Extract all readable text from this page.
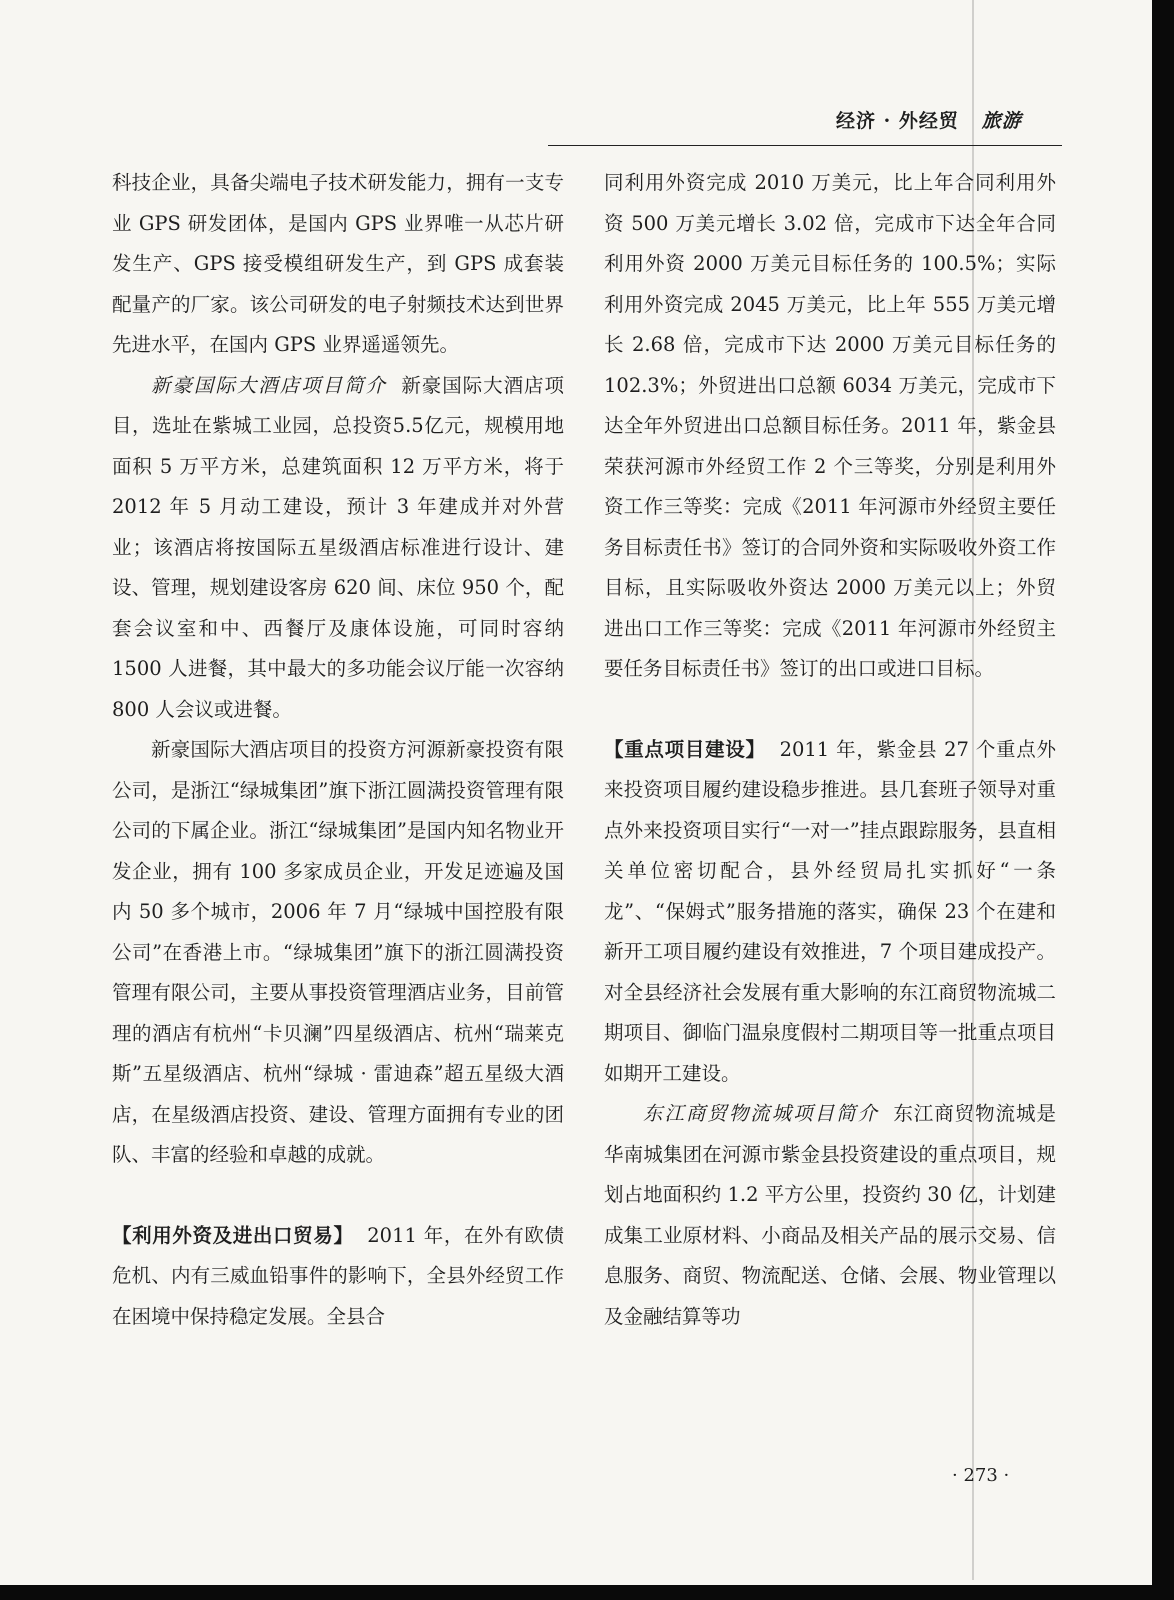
经济 · 外经贸 旅游

科技企业，具备尖端电子技术研发能力，拥有一支专业 GPS 研发团体，是国内 GPS 业界唯一从芯片研发生产、GPS 接受模组研发生产，到 GPS 成套装配量产的厂家。该公司研发的电子射频技术达到世界先进水平，在国内 GPS 业界遥遥领先。

新豪国际大酒店项目简介 新豪国际大酒店项目，选址在紫城工业园，总投资5.5亿元，规模用地面积 5 万平方米，总建筑面积 12 万平方米，将于 2012 年 5 月动工建设，预计 3 年建成并对外营业；该酒店将按国际五星级酒店标准进行设计、建设、管理，规划建设客房 620 间、床位 950 个，配套会议室和中、西餐厅及康体设施，可同时容纳 1500 人进餐，其中最大的多功能会议厅能一次容纳 800 人会议或进餐。

新豪国际大酒店项目的投资方河源新豪投资有限公司，是浙江“绿城集团”旗下浙江圆满投资管理有限公司的下属企业。浙江“绿城集团”是国内知名物业开发企业，拥有 100 多家成员企业，开发足迹遍及国内 50 多个城市，2006 年 7 月“绿城中国控股有限公司”在香港上市。“绿城集团”旗下的浙江圆满投资管理有限公司，主要从事投资管理酒店业务，目前管理的酒店有杭州“卡贝澜”四星级酒店、杭州“瑞莱克斯”五星级酒店、杭州“绿城 · 雷迪森”超五星级大酒店，在星级酒店投资、建设、管理方面拥有专业的团队、丰富的经验和卓越的成就。

【利用外资及进出口贸易】 2011 年，在外有欧债危机、内有三威血铅事件的影响下，全县外经贸工作在困境中保持稳定发展。全县合

同利用外资完成 2010 万美元，比上年合同利用外资 500 万美元增长 3.02 倍，完成市下达全年合同利用外资 2000 万美元目标任务的 100.5%；实际利用外资完成 2045 万美元，比上年 555 万美元增长 2.68 倍，完成市下达 2000 万美元目标任务的 102.3%；外贸进出口总额 6034 万美元，完成市下达全年外贸进出口总额目标任务。2011 年，紫金县荣获河源市外经贸工作 2 个三等奖，分别是利用外资工作三等奖：完成《2011 年河源市外经贸主要任务目标责任书》签订的合同外资和实际吸收外资工作目标，且实际吸收外资达 2000 万美元以上；外贸进出口工作三等奖：完成《2011 年河源市外经贸主要任务目标责任书》签订的出口或进口目标。

【重点项目建设】 2011 年，紫金县 27 个重点外来投资项目履约建设稳步推进。县几套班子领导对重点外来投资项目实行“一对一”挂点跟踪服务，县直相关单位密切配合，县外经贸局扎实抓好“一条龙”、“保姆式”服务措施的落实，确保 23 个在建和新开工项目履约建设有效推进，7 个项目建成投产。对全县经济社会发展有重大影响的东江商贸物流城二期项目、御临门温泉度假村二期项目等一批重点项目如期开工建设。

东江商贸物流城项目简介 东江商贸物流城是华南城集团在河源市紫金县投资建设的重点项目，规划占地面积约 1.2 平方公里，投资约 30 亿，计划建成集工业原材料、小商品及相关产品的展示交易、信息服务、商贸、物流配送、仓储、会展、物业管理以及金融结算等功

· 273 ·
